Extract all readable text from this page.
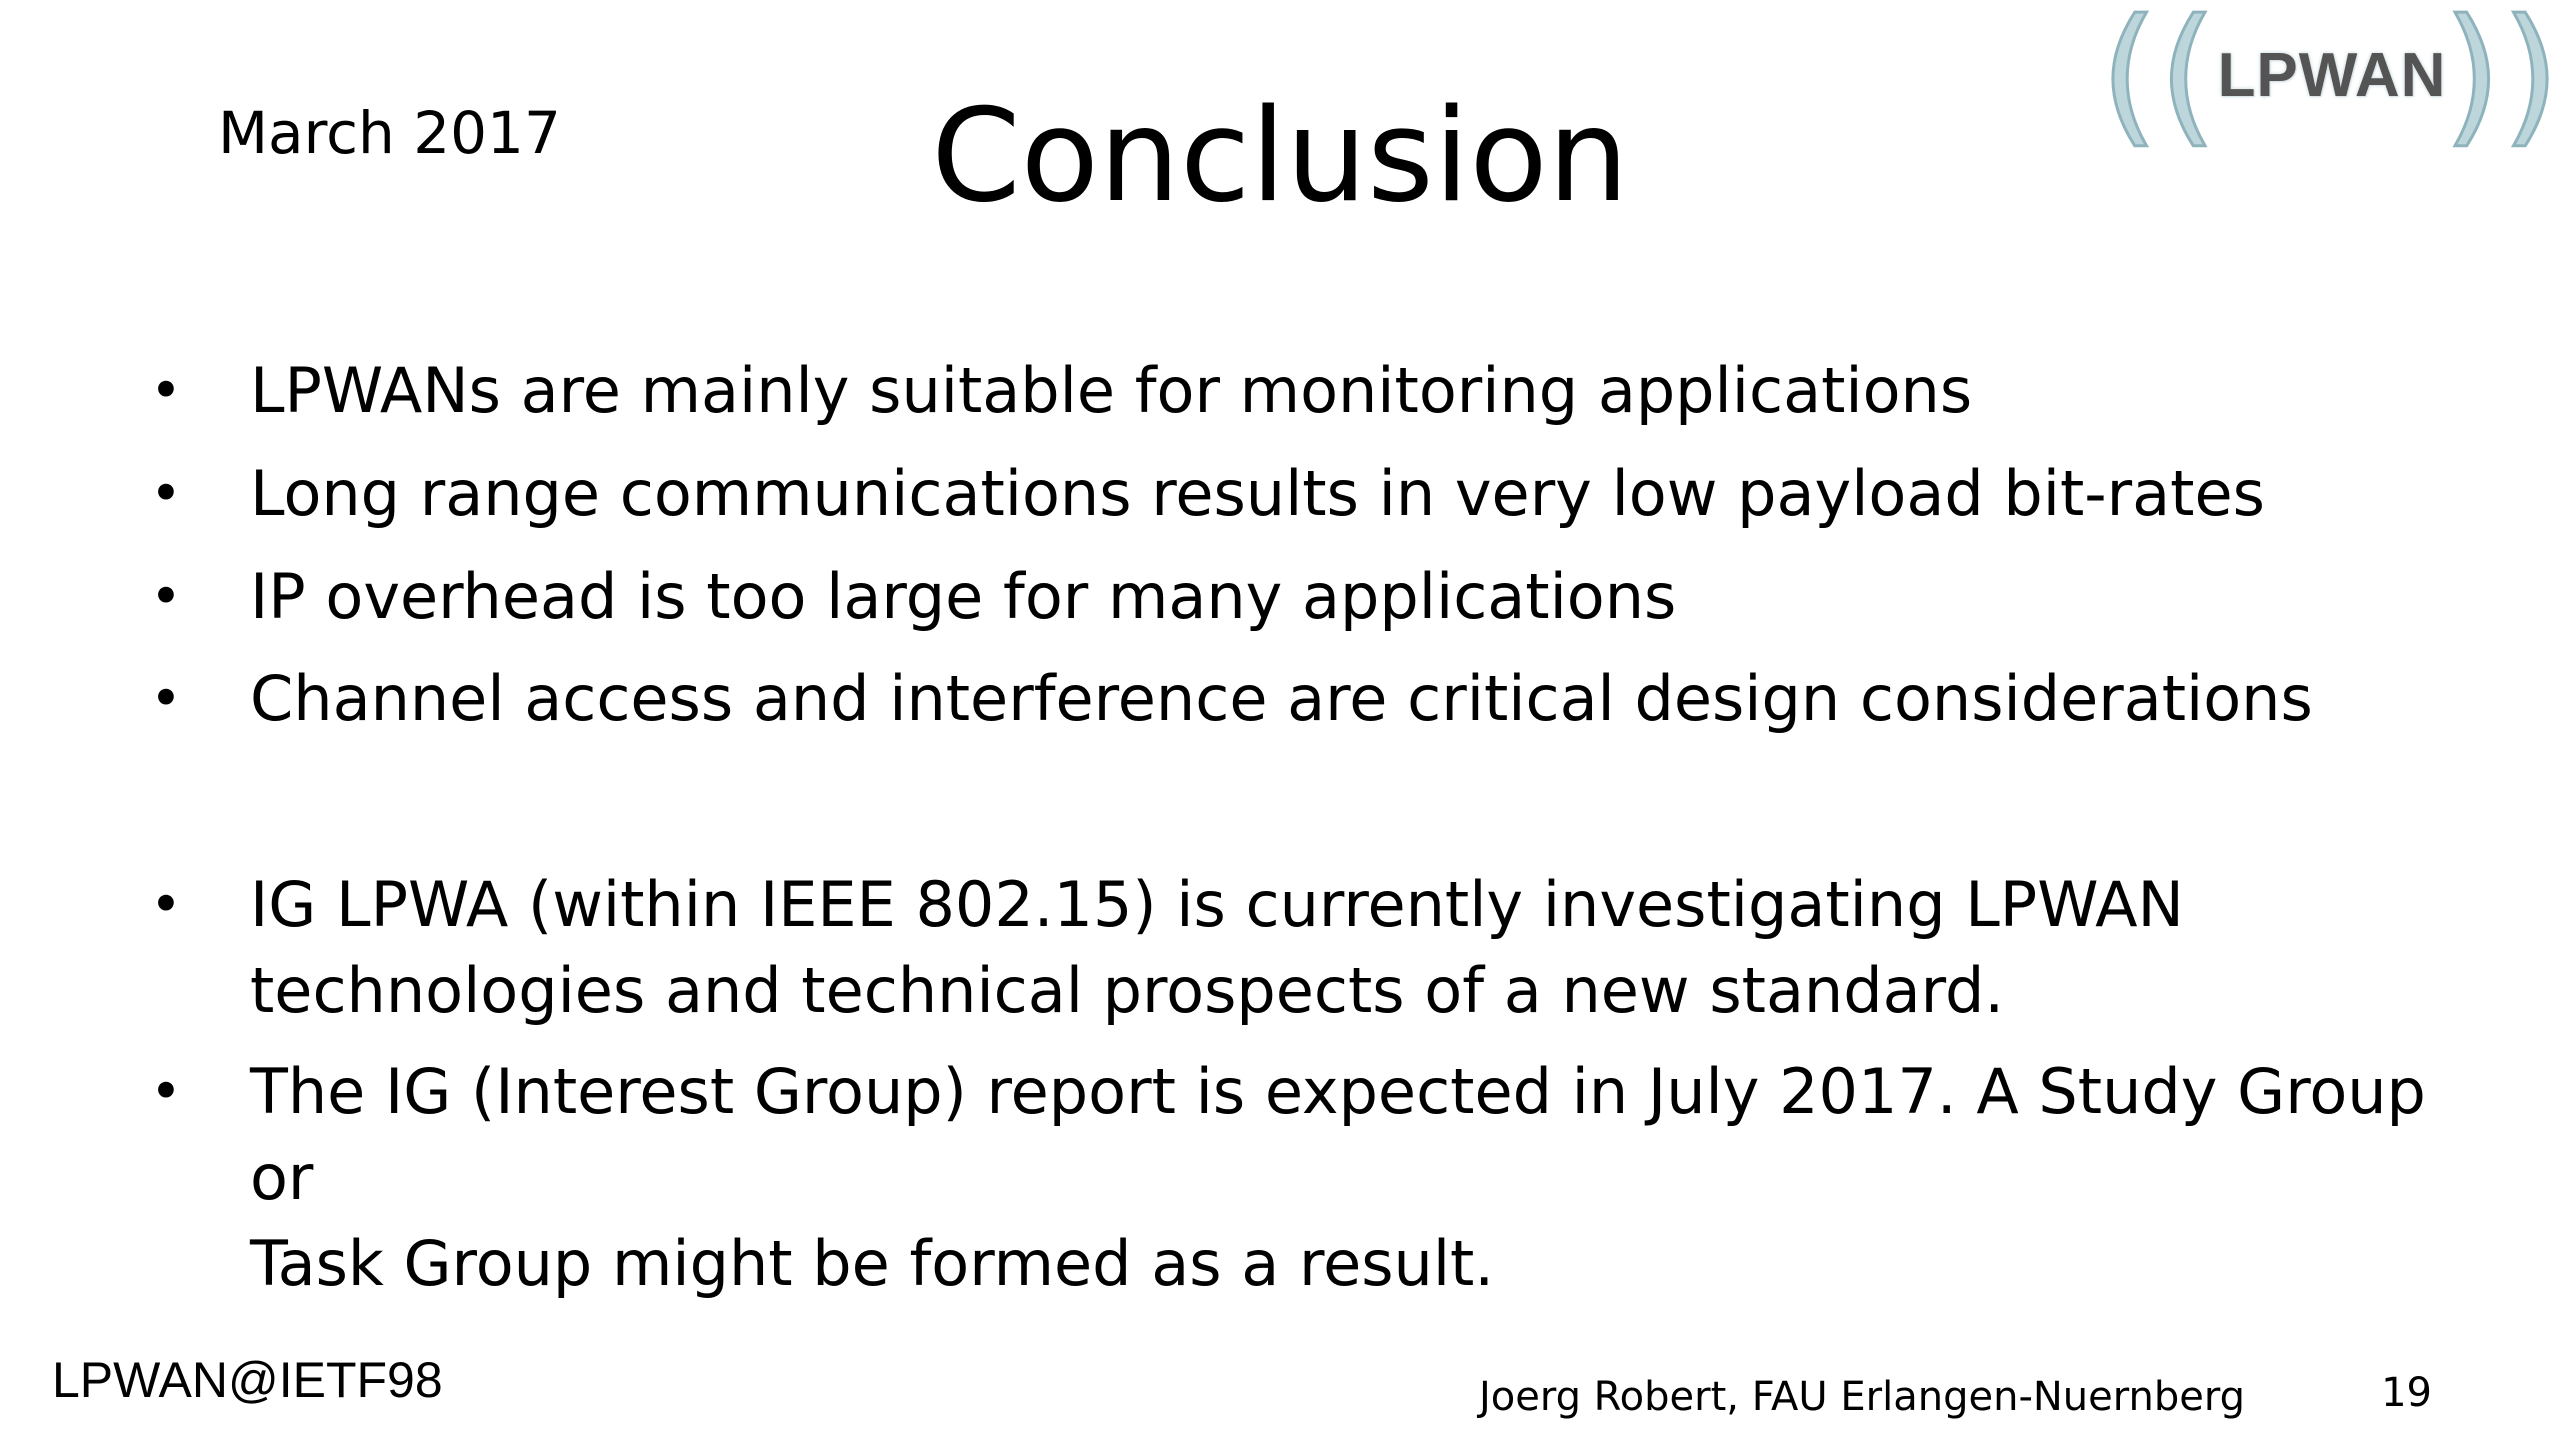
March 2017	Conclusion	(( LPWAN
))
• LPWANs are mainly suitable for monitoring applications
• Long range communications results in very low payload bit-rates
• IP overhead is too large for many applications
• Channel access and interference are critical design considerations
• IG LPWA (within IEEE 802.15) is currently investigating LPWAN
technologies and technical prospects of a new standard.
• The IG (Interest Group) report is expected in July 2017. A Study Group or
Task Group might be formed as a result.
LPWAN@IETF98	Joerg Robert, FAU Erlangen-Nuernberg	19
